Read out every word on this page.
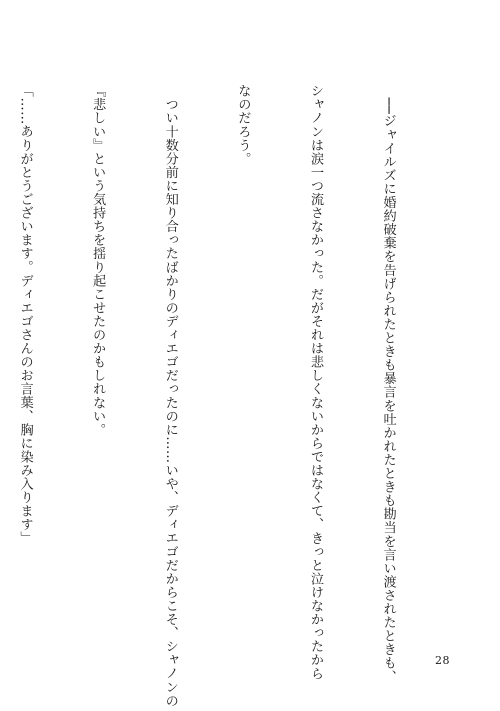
　──ジャイルズに婚約破棄を告げられたときも暴言を吐かれたときも勘当を言い渡されたときも、

シャノンは涙一つ流さなかった。だがそれは悲しくないからではなくて、きっと泣けなかったから

なのだろう。

　つい十数分前に知り合ったばかりのディエゴだったのに……いや、ディエゴだからこそ、シャノンの

『悲しい』という気持ちを揺り起こせたのかもしれない。

「……ありがとうございます。ディエゴさんのお言葉、胸に染み入ります」

28
